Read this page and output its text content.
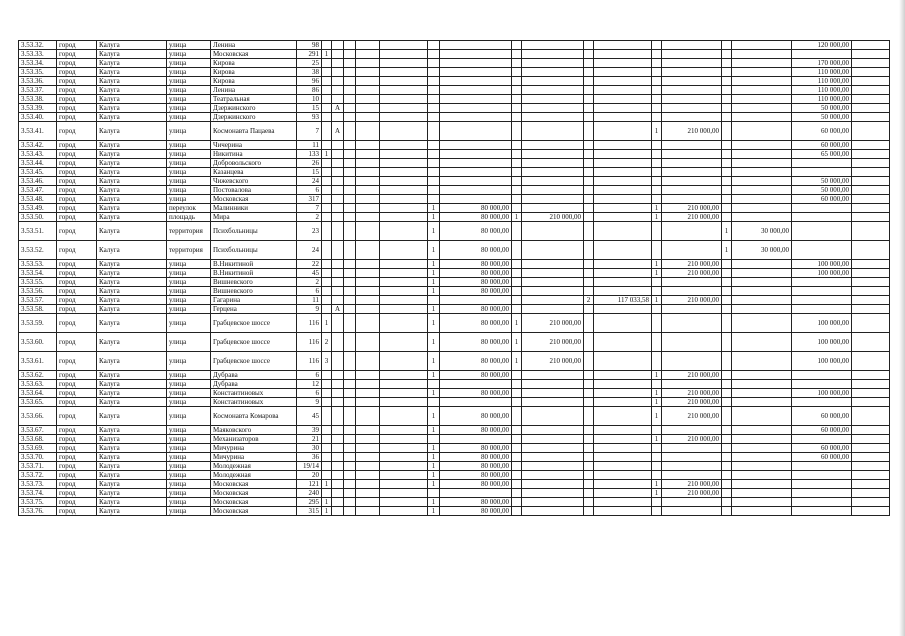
3.53.32.	город	Калуга	улица	Ленина	98																120 000,00	
3.53.33.	город	Калуга	улица	Московская	291	1																
3.53.34.	город	Калуга	улица	Кирова	25																170 000,00	
3.53.35.	город	Калуга	улица	Кирова	38																110 000,00	
3.53.36.	город	Калуга	улица	Кирова	96																110 000,00	
3.53.37.	город	Калуга	улица	Ленина	86																110 000,00	
3.53.38.	город	Калуга	улица	Театральная	10																110 000,00	
3.53.39.	город	Калуга	улица	Дзержинского	15		А														50 000,00	
3.53.40.	город	Калуга	улица	Дзержинского	93																50 000,00	
3.53.41.	город	Калуга	улица	Космонавта Пацаева	7		А										1	210 000,00			60 000,00	
3.53.42.	город	Калуга	улица	Чичерина	11																60 000,00	
3.53.43.	город	Калуга	улица	Никитина	133	1															65 000,00	
3.53.44.	город	Калуга	улица	Добровольского	26																	
3.53.45.	город	Калуга	улица	Казанцева	15																	
3.53.46.	город	Калуга	улица	Чижевского	24																50 000,00	
3.53.47.	город	Калуга	улица	Постовалова	6																50 000,00	
3.53.48.	город	Калуга	улица	Московская	317																60 000,00	
3.53.49.	город	Калуга	переулок	Малинники	7						1	80 000,00					1	210 000,00				
3.53.50.	город	Калуга	площадь	Мира	2						1	80 000,00	1	210 000,00			1	210 000,00				
3.53.51.	город	Калуга	территория	Психбольницы	23						1	80 000,00							1	30 000,00		
3.53.52.	город	Калуга	территория	Психбольницы	24						1	80 000,00							1	30 000,00		
3.53.53.	город	Калуга	улица	В.Никитиной	22						1	80 000,00					1	210 000,00			100 000,00	
3.53.54.	город	Калуга	улица	В.Никитиной	45						1	80 000,00					1	210 000,00			100 000,00	
3.53.55.	город	Калуга	улица	Вишневского	2						1	80 000,00										
3.53.56.	город	Калуга	улица	Вишневского	6						1	80 000,00										
3.53.57.	город	Калуга	улица	Гагарина	11										2	117 033,58	1	210 000,00				
3.53.58.	город	Калуга	улица	Герцена	9		А				1	80 000,00										
3.53.59.	город	Калуга	улица	Грабцевское шоссе	116	1					1	80 000,00	1	210 000,00							100 000,00	
3.53.60.	город	Калуга	улица	Грабцевское шоссе	116	2					1	80 000,00	1	210 000,00							100 000,00	
3.53.61.	город	Калуга	улица	Грабцевское шоссе	116	3					1	80 000,00	1	210 000,00							100 000,00	
3.53.62.	город	Калуга	улица	Дубрава	6						1	80 000,00					1	210 000,00				
3.53.63.	город	Калуга	улица	Дубрава	12																	
3.53.64.	город	Калуга	улица	Константиновых	6						1	80 000,00					1	210 000,00			100 000,00	
3.53.65.	город	Калуга	улица	Константиновых	9												1	210 000,00				
3.53.66.	город	Калуга	улица	Космонавта Комарова	45						1	80 000,00					1	210 000,00			60 000,00	
3.53.67.	город	Калуга	улица	Маяковского	39						1	80 000,00									60 000,00	
3.53.68.	город	Калуга	улица	Механизаторов	21												1	210 000,00				
3.53.69.	город	Калуга	улица	Мичурина	30						1	80 000,00									60 000,00	
3.53.70.	город	Калуга	улица	Мичурина	36						1	80 000,00									60 000,00	
3.53.71.	город	Калуга	улица	Молодежная	19/14						1	80 000,00										
3.53.72.	город	Калуга	улица	Молодежная	20						1	80 000,00										
3.53.73.	город	Калуга	улица	Московская	121	1					1	80 000,00					1	210 000,00				
3.53.74.	город	Калуга	улица	Московская	240												1	210 000,00				
3.53.75.	город	Калуга	улица	Московская	295	1					1	80 000,00										
3.53.76.	город	Калуга	улица	Московская	315	1					1	80 000,00										
